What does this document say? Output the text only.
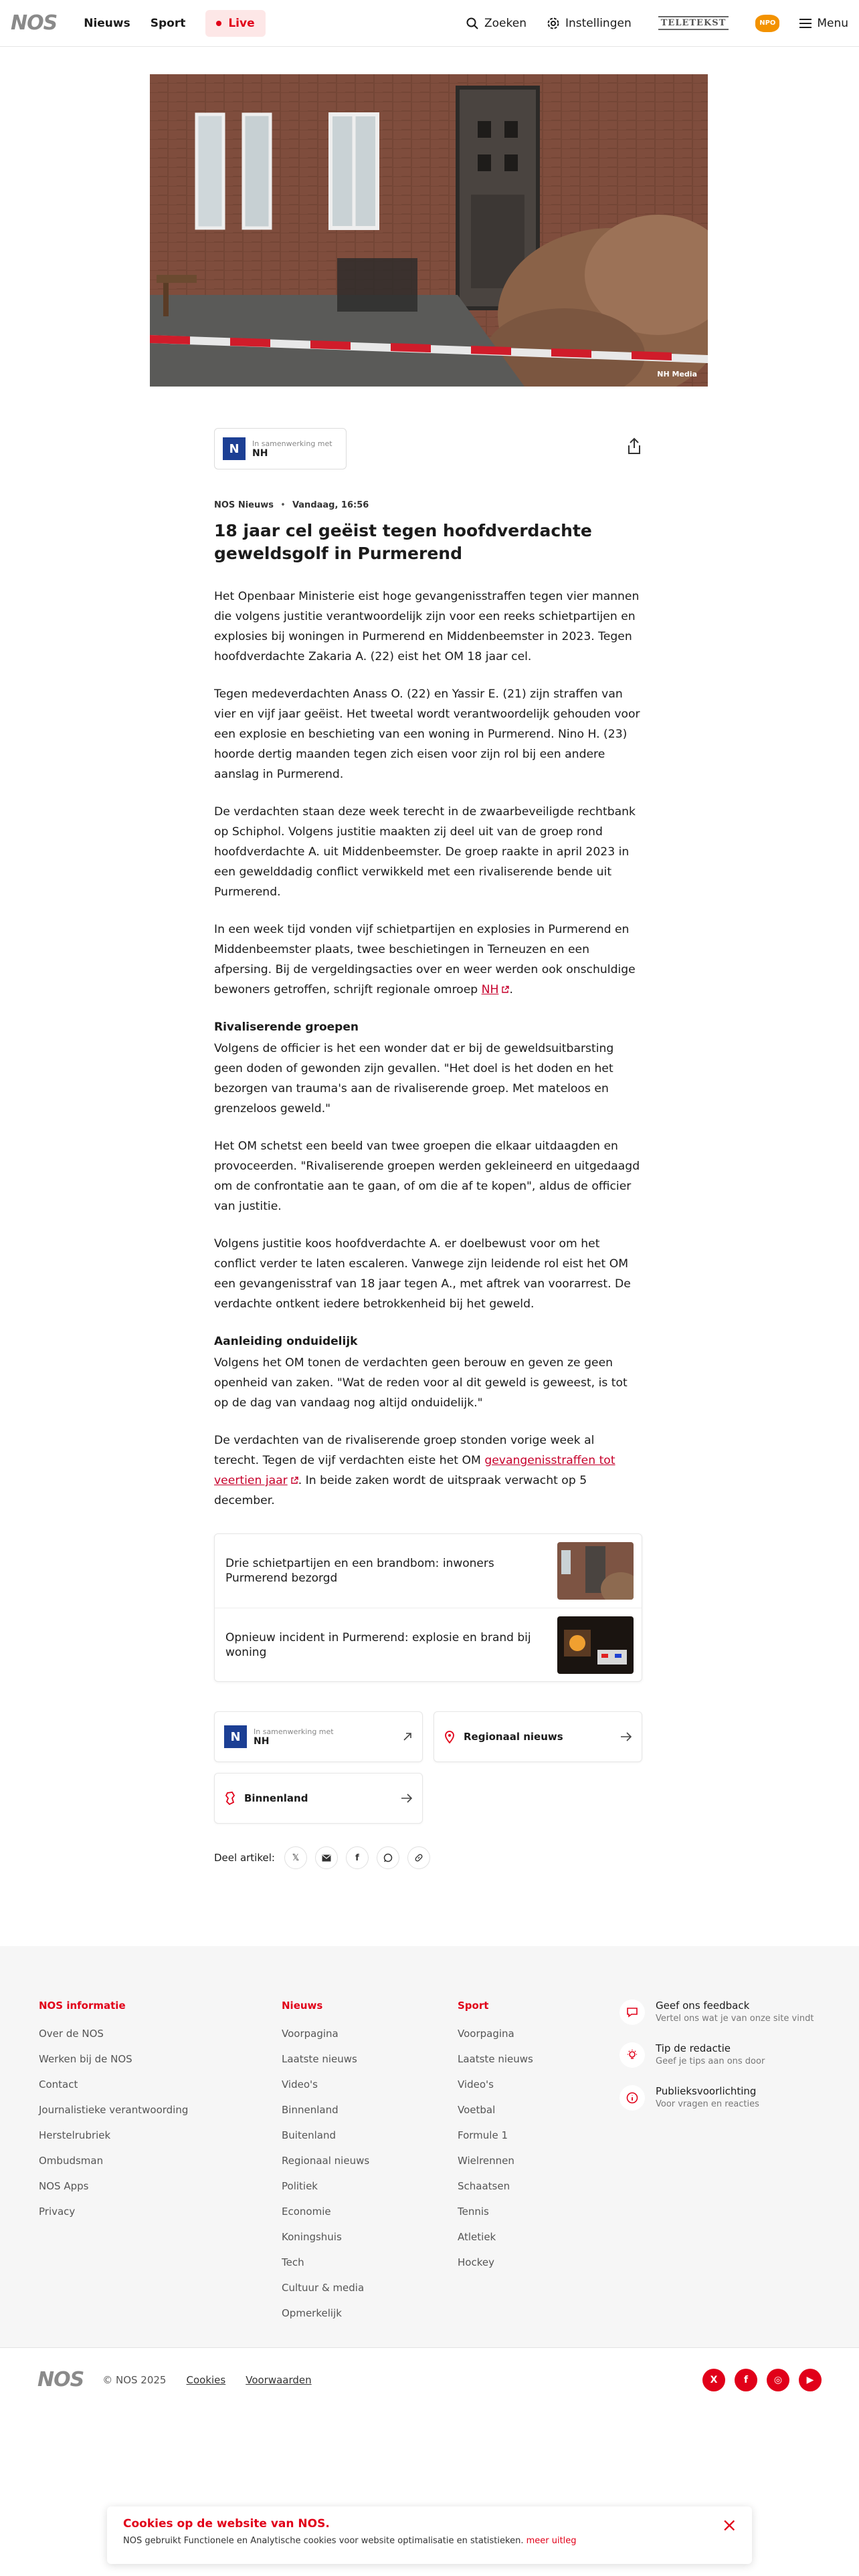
NOS Nieuws Sport	Live	Zoeken	Instellingen	TELETEKST	NPO	Menu
NH Media
N	In samenwerking met
NH
NOS Nieuws • Vandaag, 16:56
18 jaar cel geëist tegen hoofdverdachte geweldsgolf in Purmerend

Het Openbaar Ministerie eist hoge gevangenisstraffen tegen vier mannen die volgens justitie verantwoordelijk zijn voor een reeks schietpartijen en explosies bij woningen in Purmerend en Middenbeemster in 2023. Tegen hoofdverdachte Zakaria A. (22) eist het OM 18 jaar cel.

Tegen medeverdachten Anass O. (22) en Yassir E. (21) zijn straffen van vier en vijf jaar geëist. Het tweetal wordt verantwoordelijk gehouden voor een explosie en beschieting van een woning in Purmerend. Nino H. (23) hoorde dertig maanden tegen zich eisen voor zijn rol bij een andere aanslag in Purmerend.

De verdachten staan deze week terecht in de zwaarbeveiligde rechtbank op Schiphol. Volgens justitie maakten zij deel uit van de groep rond hoofdverdachte A. uit Middenbeemster. De groep raakte in april 2023 in een gewelddadig conflict verwikkeld met een rivaliserende bende uit Purmerend.

In een week tijd vonden vijf schietpartijen en explosies in Purmerend en Middenbeemster plaats, twee beschietingen in Terneuzen en een afpersing. Bij de vergeldingsacties over en weer werden ook onschuldige bewoners getroffen, schrijft regionale omroep NH .

Rivaliserende groepen

Volgens de officier is het een wonder dat er bij de geweldsuitbarsting geen doden of gewonden zijn gevallen. "Het doel is het doden en het bezorgen van trauma's aan de rivaliserende groep. Met mateloos en grenzeloos geweld."

Het OM schetst een beeld van twee groepen die elkaar uitdaagden en provoceerden. "Rivaliserende groepen werden gekleineerd en uitgedaagd om de confrontatie aan te gaan, of om die af te kopen", aldus de officier van justitie.

Volgens justitie koos hoofdverdachte A. er doelbewust voor om het conflict verder te laten escaleren. Vanwege zijn leidende rol eist het OM een gevangenisstraf van 18 jaar tegen A., met aftrek van voorarrest. De verdachte ontkent iedere betrokkenheid bij het geweld.

Aanleiding onduidelijk

Volgens het OM tonen de verdachten geen berouw en geven ze geen openheid van zaken. "Wat de reden voor al dit geweld is geweest, is tot op de dag van vandaag nog altijd onduidelijk."

De verdachten van de rivaliserende groep stonden vorige week al terecht. Tegen de vijf verdachten eiste het OM gevangenisstraffen tot veertien jaar . In beide zaken wordt de uitspraak verwacht op 5 december.

Drie schietpartijen en een brandbom: inwoners Purmerend bezorgd
Opnieuw incident in Purmerend: explosie en brand bij woning
N	In samenwerking met
NH	Regionaal nieuws
Binnenland
Deel artikel: 𝕏	f
NOS informatie
Over de NOS
Werken bij de NOS
Contact
Journalistieke verantwoording
Herstelrubriek
Ombudsman
NOS Apps
Privacy
Nieuws
Voorpagina
Laatste nieuws
Video's
Binnenland
Buitenland
Regionaal nieuws
Politiek
Economie
Koningshuis
Tech
Cultuur & media
Opmerkelijk
Sport
Voorpagina
Laatste nieuws
Video's
Voetbal
Formule 1
Wielrennen
Schaatsen
Tennis
Atletiek
Hockey
Geef ons feedback
Vertel ons wat je van onze site vindt
Tip de redactie
Geef je tips aan ons door
Publieksvoorlichting
Voor vragen en reacties
NOS © NOS 2025 Cookies Voorwaarden	X	f	◎	▶
Cookies op de website van NOS.
NOS gebruikt Functionele en Analytische cookies voor website optimalisatie en statistieken. meer uitleg
×
